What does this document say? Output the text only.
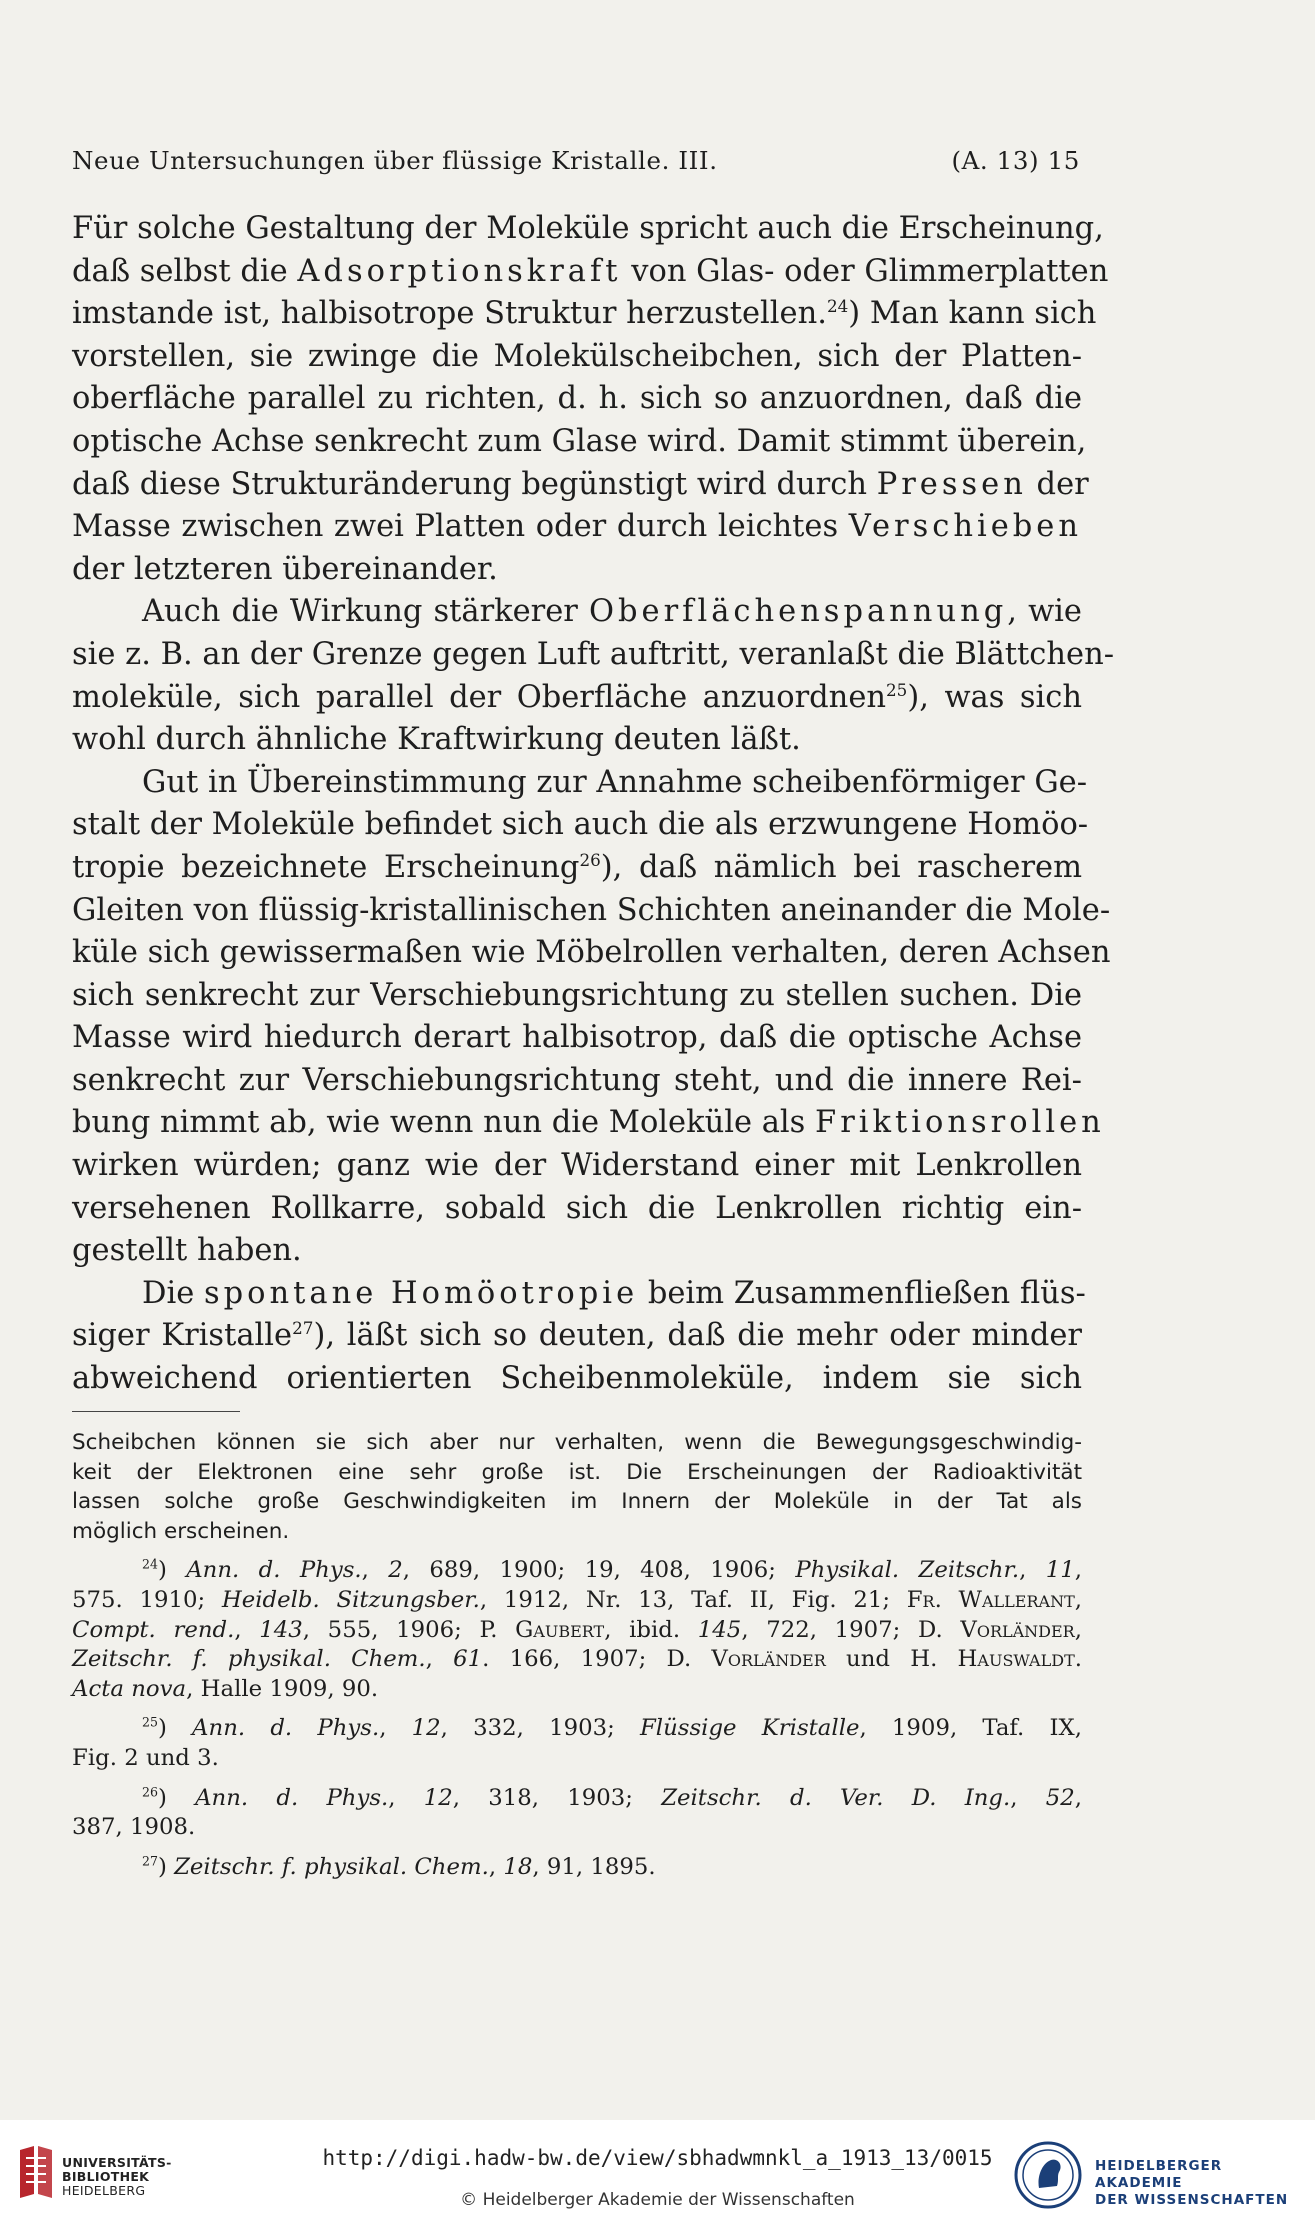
Neue Untersuchungen über flüssige Kristalle. III.	(A. 13) 15
Für solche Gestaltung der Moleküle spricht auch die Erscheinung,
daß selbst die Adsorptionskraft von Glas- oder Glimmerplatten
imstande ist, halbisotrope Struktur herzustellen.$^{24}$) Man kann sich
vorstellen, sie zwinge die Molekülscheibchen, sich der Platten-
oberfläche parallel zu richten, d. h. sich so anzuordnen, daß die
optische Achse senkrecht zum Glase wird. Damit stimmt überein,
daß diese Strukturänderung begünstigt wird durch Pressen der
Masse zwischen zwei Platten oder durch leichtes Verschieben
der letzteren übereinander.
Auch die Wirkung stärkerer Oberflächenspannung, wie
sie z. B. an der Grenze gegen Luft auftritt, veranlaßt die Blättchen-
moleküle, sich parallel der Oberfläche anzuordnen$^{25}$), was sich
wohl durch ähnliche Kraftwirkung deuten läßt.
Gut in Übereinstimmung zur Annahme scheibenförmiger Ge-
stalt der Moleküle befindet sich auch die als erzwungene Homöo-
tropie bezeichnete Erscheinung$^{26}$), daß nämlich bei rascherem
Gleiten von flüssig-kristallinischen Schichten aneinander die Mole-
küle sich gewissermaßen wie Möbelrollen verhalten, deren Achsen
sich senkrecht zur Verschiebungsrichtung zu stellen suchen. Die
Masse wird hiedurch derart halbisotrop, daß die optische Achse
senkrecht zur Verschiebungsrichtung steht, und die innere Rei-
bung nimmt ab, wie wenn nun die Moleküle als Friktionsrollen
wirken würden; ganz wie der Widerstand einer mit Lenkrollen
versehenen Rollkarre, sobald sich die Lenkrollen richtig ein-
gestellt haben.
Die spontane Homöotropie beim Zusammenfließen flüs-
siger Kristalle$^{27}$), läßt sich so deuten, daß die mehr oder minder
abweichend orientierten Scheibenmoleküle, indem sie sich
Scheibchen können sie sich aber nur verhalten, wenn die Bewegungsgeschwindig-
keit der Elektronen eine sehr große ist. Die Erscheinungen der Radioaktivität
lassen solche große Geschwindigkeiten im Innern der Moleküle in der Tat als
möglich erscheinen.
$^{24}$) Ann. d. Phys., 2, 689, 1900; 19, 408, 1906; Physikal. Zeitschr., 11,
575. 1910; Heidelb. Sitzungsber., 1912, Nr. 13, Taf. II, Fig. 21; Fr. Wallerant,
Compt. rend., 143, 555, 1906; P. Gaubert, ibid. 145, 722, 1907; D. Vorländer,
Zeitschr. f. physikal. Chem., 61. 166, 1907; D. Vorländer und H. Hauswaldt.
Acta nova, Halle 1909, 90.
$^{25}$) Ann. d. Phys., 12, 332, 1903; Flüssige Kristalle, 1909, Taf. IX,
Fig. 2 und 3.
$^{26}$) Ann. d. Phys., 12, 318, 1903; Zeitschr. d. Ver. D. Ing., 52,
387, 1908.
$^{27}$) Zeitschr. f. physikal. Chem., 18, 91, 1895.
UNIVERSITÄTS-
BIBLIOTHEK
HEIDELBERG
http://digi.hadw-bw.de/view/sbhadwmnkl_a_1913_13/0015
© Heidelberger Akademie der Wissenschaften
HEIDELBERGER AKADEMIE
DER WISSENSCHAFTEN
